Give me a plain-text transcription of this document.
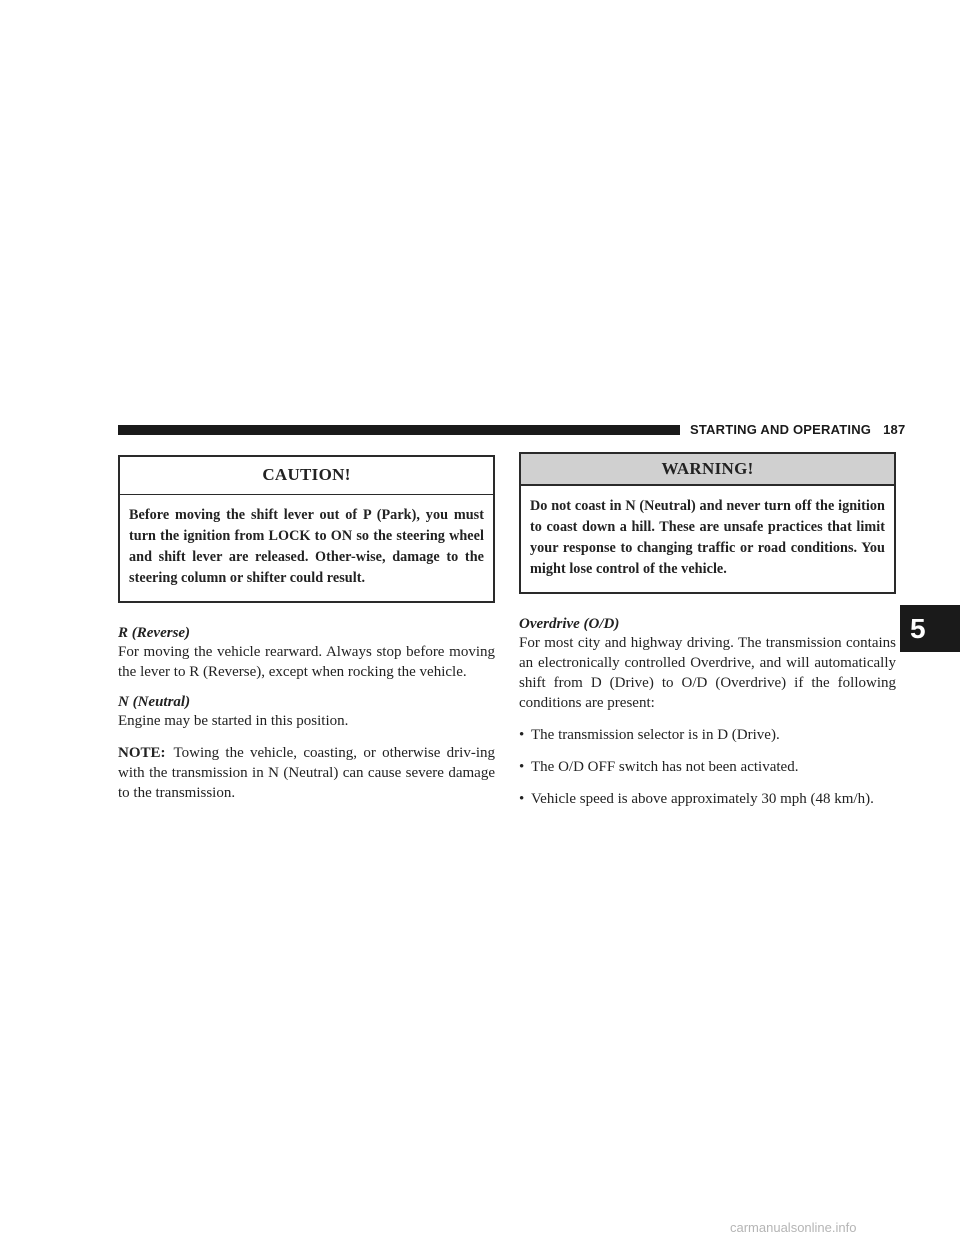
STARTING AND OPERATING 187
5
CAUTION!
Before moving the shift lever out of P (Park), you must turn the ignition from LOCK to ON so the steering wheel and shift lever are released. Other-wise, damage to the steering column or shifter could result.

R (Reverse)

For moving the vehicle rearward. Always stop before moving the lever to R (Reverse), except when rocking the vehicle.

N (Neutral)

Engine may be started in this position.

NOTE: Towing the vehicle, coasting, or otherwise driv-ing with the transmission in N (Neutral) can cause severe damage to the transmission.

WARNING!
Do not coast in N (Neutral) and never turn off the ignition to coast down a hill. These are unsafe practices that limit your response to changing traffic or road conditions. You might lose control of the vehicle.

Overdrive (O/D)

For most city and highway driving. The transmission contains an electronically controlled Overdrive, and will automatically shift from D (Drive) to O/D (Overdrive) if the following conditions are present:

• The transmission selector is in D (Drive).
• The O/D OFF switch has not been activated.
• Vehicle speed is above approximately 30 mph (48 km/h).
carmanualsonline.info
